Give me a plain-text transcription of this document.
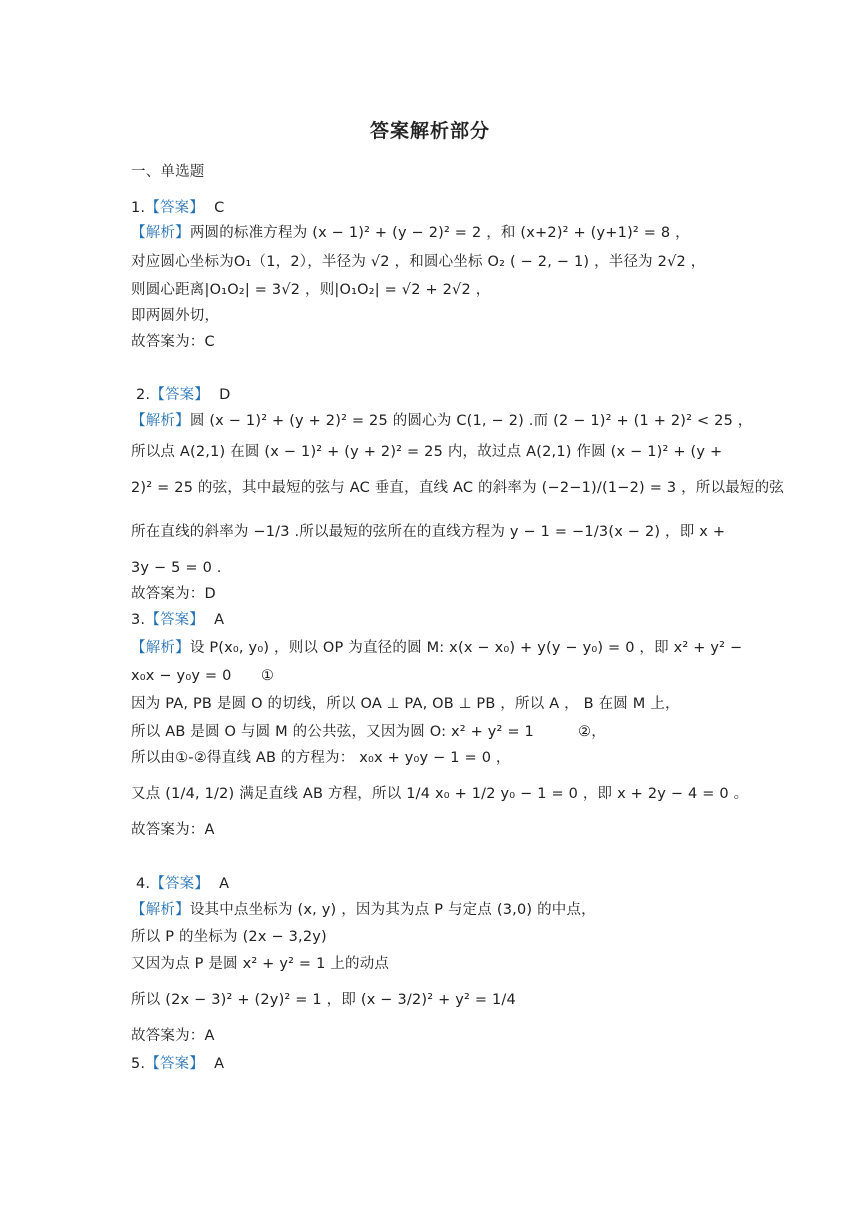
答案解析部分
一、单选题
1.【答案】 C
【解析】两圆的标准方程为 (x − 1)² + (y − 2)² = 2 ，和 (x+2)² + (y+1)² = 8 ，
对应圆心坐标为O₁（1，2），半径为 √2 ，和圆心坐标 O₂ ( − 2, − 1) ，半径为 2√2 ，
则圆心距离|O₁O₂| = 3√2 ，则|O₁O₂| = √2 + 2√2 ，
即两圆外切，
故答案为：C
2.【答案】 D
【解析】圆 (x − 1)² + (y + 2)² = 25 的圆心为 C(1, − 2) .而 (2 − 1)² + (1 + 2)² < 25 ，
所以点 A(2,1) 在圆 (x − 1)² + (y + 2)² = 25 内，故过点 A(2,1) 作圆 (x − 1)² + (y +
2)² = 25 的弦，其中最短的弦与 AC 垂直，直线 AC 的斜率为 (−2−1)/(1−2) = 3 ，所以最短的弦
所在直线的斜率为 −1/3 .所以最短的弦所在的直线方程为 y − 1 = −1/3(x − 2) ，即 x +
3y − 5 = 0 .
故答案为：D
3.【答案】 A
【解析】设 P(x₀, y₀) ，则以 OP 为直径的圆 M: x(x − x₀) + y(y − y₀) = 0 ，即 x² + y² −
x₀x − y₀y = 0　　①
因为 PA, PB 是圆 O 的切线，所以 OA ⊥ PA, OB ⊥ PB ，所以 A ， B 在圆 M 上，
所以 AB 是圆 O 与圆 M 的公共弦，又因为圆 O: x² + y² = 1　　　②，
所以由①-②得直线 AB 的方程为： x₀x + y₀y − 1 = 0 ，
又点 (1/4, 1/2) 满足直线 AB 方程，所以 1/4 x₀ + 1/2 y₀ − 1 = 0 ，即 x + 2y − 4 = 0 。
故答案为：A
4.【答案】 A
【解析】设其中点坐标为 (x, y) ，因为其为点 P 与定点 (3,0) 的中点，
所以 P 的坐标为 (2x − 3,2y)
又因为点 P 是圆 x² + y² = 1 上的动点
所以 (2x − 3)² + (2y)² = 1 ，即 (x − 3/2)² + y² = 1/4
故答案为：A
5.【答案】 A
